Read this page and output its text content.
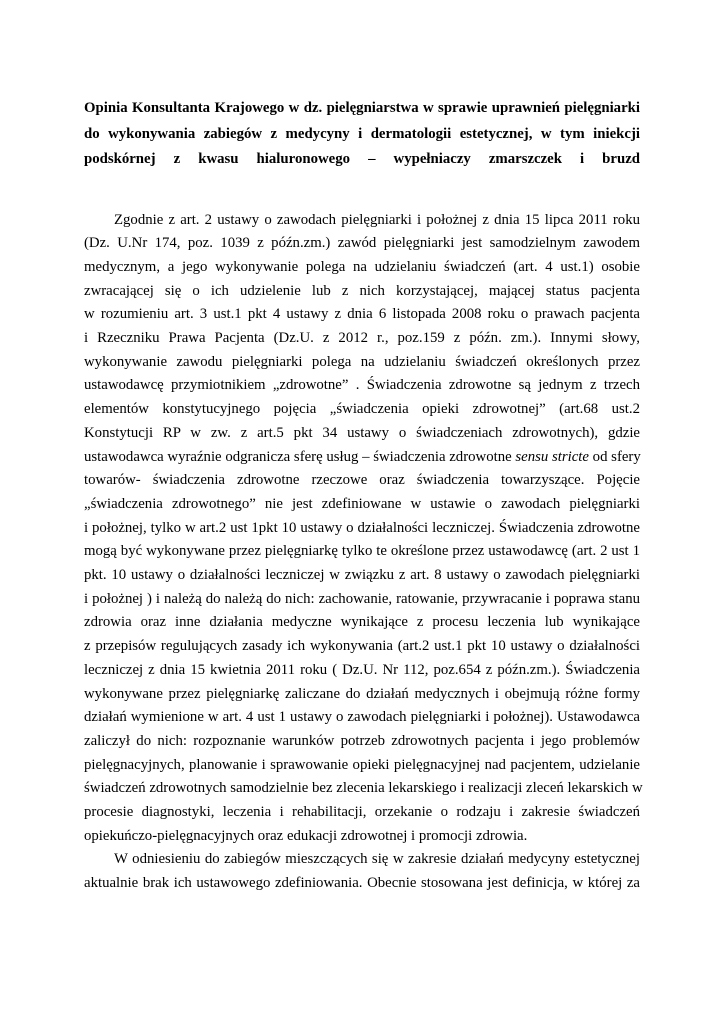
Opinia Konsultanta Krajowego w dz. pielęgniarstwa w sprawie uprawnień pielęgniarki
do wykonywania zabiegów z medycyny i dermatologii estetycznej, w tym iniekcji
podskórnej z kwasu hialuronowego – wypełniaczy zmarszczek i bruzd
Zgodnie z art. 2 ustawy o zawodach pielęgniarki i położnej z dnia 15 lipca 2011 roku
(Dz. U.Nr 174, poz. 1039 z późn.zm.) zawód pielęgniarki jest samodzielnym zawodem
medycznym, a jego wykonywanie polega na udzielaniu świadczeń (art. 4 ust.1) osobie
zwracającej się o ich udzielenie lub z nich korzystającej, mającej status pacjenta
w rozumieniu art. 3 ust.1 pkt 4 ustawy z dnia 6 listopada 2008 roku o prawach pacjenta
i Rzeczniku Prawa Pacjenta (Dz.U. z 2012 r., poz.159 z późn. zm.). Innymi słowy,
wykonywanie zawodu pielęgniarki polega na udzielaniu świadczeń określonych przez
ustawodawcę przymiotnikiem „zdrowotne” . Świadczenia zdrowotne są jednym z trzech
elementów konstytucyjnego pojęcia „świadczenia opieki zdrowotnej” (art.68 ust.2
Konstytucji RP w zw. z art.5 pkt 34 ustawy o świadczeniach zdrowotnych), gdzie
ustawodawca wyraźnie odgranicza sferę usług – świadczenia zdrowotne sensu stricte od sfery
towarów- świadczenia zdrowotne rzeczowe oraz świadczenia towarzyszące. Pojęcie
„świadczenia zdrowotnego” nie jest zdefiniowane w ustawie o zawodach pielęgniarki
i położnej, tylko w art.2 ust 1pkt 10 ustawy o działalności leczniczej. Świadczenia zdrowotne
mogą być wykonywane przez pielęgniarkę tylko te określone przez ustawodawcę (art. 2 ust 1
pkt. 10 ustawy o działalności leczniczej w związku z art. 8 ustawy o zawodach pielęgniarki
i położnej ) i należą do należą do nich: zachowanie, ratowanie, przywracanie i poprawa stanu
zdrowia oraz inne działania medyczne wynikające z procesu leczenia lub wynikające
z przepisów regulujących zasady ich wykonywania (art.2 ust.1 pkt 10 ustawy o działalności
leczniczej z dnia 15 kwietnia 2011 roku ( Dz.U. Nr 112, poz.654 z późn.zm.). Świadczenia
wykonywane przez pielęgniarkę zaliczane do działań medycznych i obejmują różne formy
działań wymienione w art. 4 ust 1 ustawy o zawodach pielęgniarki i położnej). Ustawodawca
zaliczył do nich: rozpoznanie warunków potrzeb zdrowotnych pacjenta i jego problemów
pielęgnacyjnych, planowanie i sprawowanie opieki pielęgnacyjnej nad pacjentem, udzielanie
świadczeń zdrowotnych samodzielnie bez zlecenia lekarskiego i realizacji zleceń lekarskich w
procesie diagnostyki, leczenia i rehabilitacji, orzekanie o rodzaju i zakresie świadczeń
opiekuńczo-pielęgnacyjnych oraz edukacji zdrowotnej i promocji zdrowia.
W odniesieniu do zabiegów mieszczących się w zakresie działań medycyny estetycznej
aktualnie brak ich ustawowego zdefiniowania. Obecnie stosowana jest definicja, w której za
